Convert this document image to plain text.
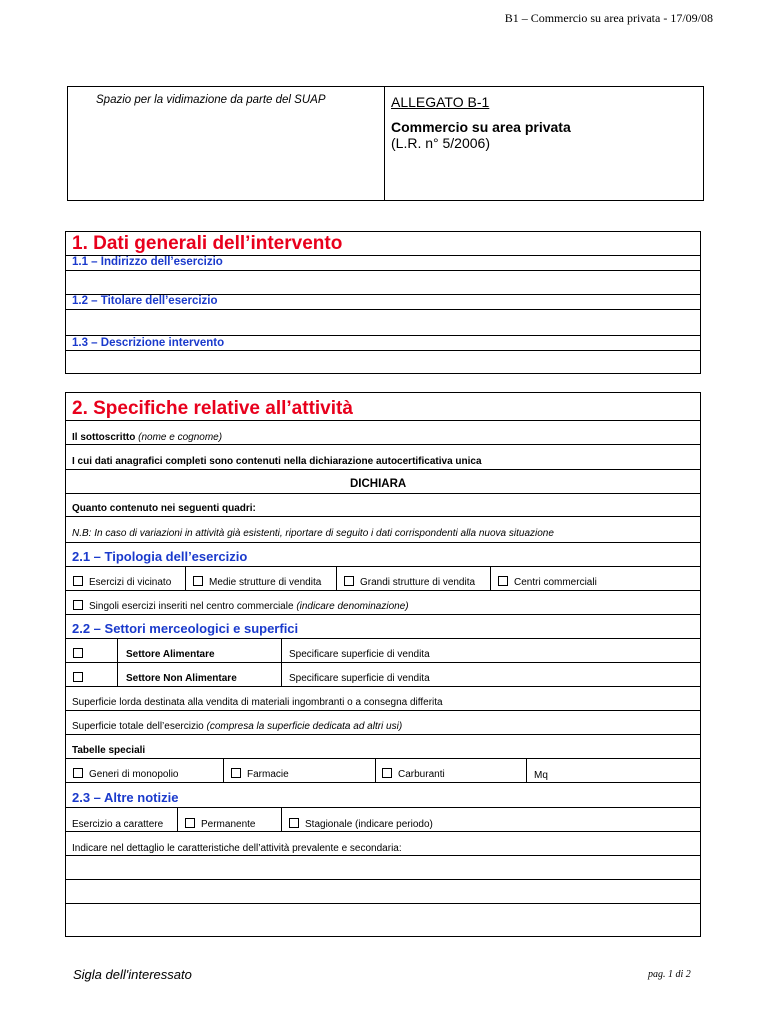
B1 – Commercio su area privata - 17/09/08
Spazio per la vidimazione da parte del SUAP	ALLEGATO B-1
Commercio su area privata
(L.R. n° 5/2006)
1. Dati generali dell’intervento
1.1 – Indirizzo dell’esercizio
1.2 – Titolare dell’esercizio
1.3 – Descrizione intervento
2. Specifiche relative all’attività
Il sottoscritto (nome e cognome)
I cui dati anagrafici completi sono contenuti nella dichiarazione autocertificativa unica
DICHIARA
Quanto contenuto nei seguenti quadri:
N.B: In caso di variazioni in attività già esistenti, riportare di seguito i dati corrispondenti alla nuova situazione
2.1 – Tipologia dell’esercizio
Esercizi di vicinato	Medie strutture di vendita	Grandi strutture di vendita	Centri commerciali
Singoli esercizi inseriti nel centro commerciale (indicare denominazione)
2.2 – Settori merceologici e superfici
Settore Alimentare	Specificare superficie di vendita
Settore Non Alimentare	Specificare superficie di vendita
Superficie lorda destinata alla vendita di materiali ingombranti o a consegna differita
Superficie totale dell’esercizio (compresa la superficie dedicata ad altri usi)
Tabelle speciali
Generi di monopolio	Farmacie	Carburanti	Mq
2.3 – Altre notizie
Esercizio a carattere	Permanente	Stagionale (indicare periodo)
Indicare nel dettaglio le caratteristiche dell’attività prevalente e secondaria:
Sigla dell'interessato	pag. 1 di 2
